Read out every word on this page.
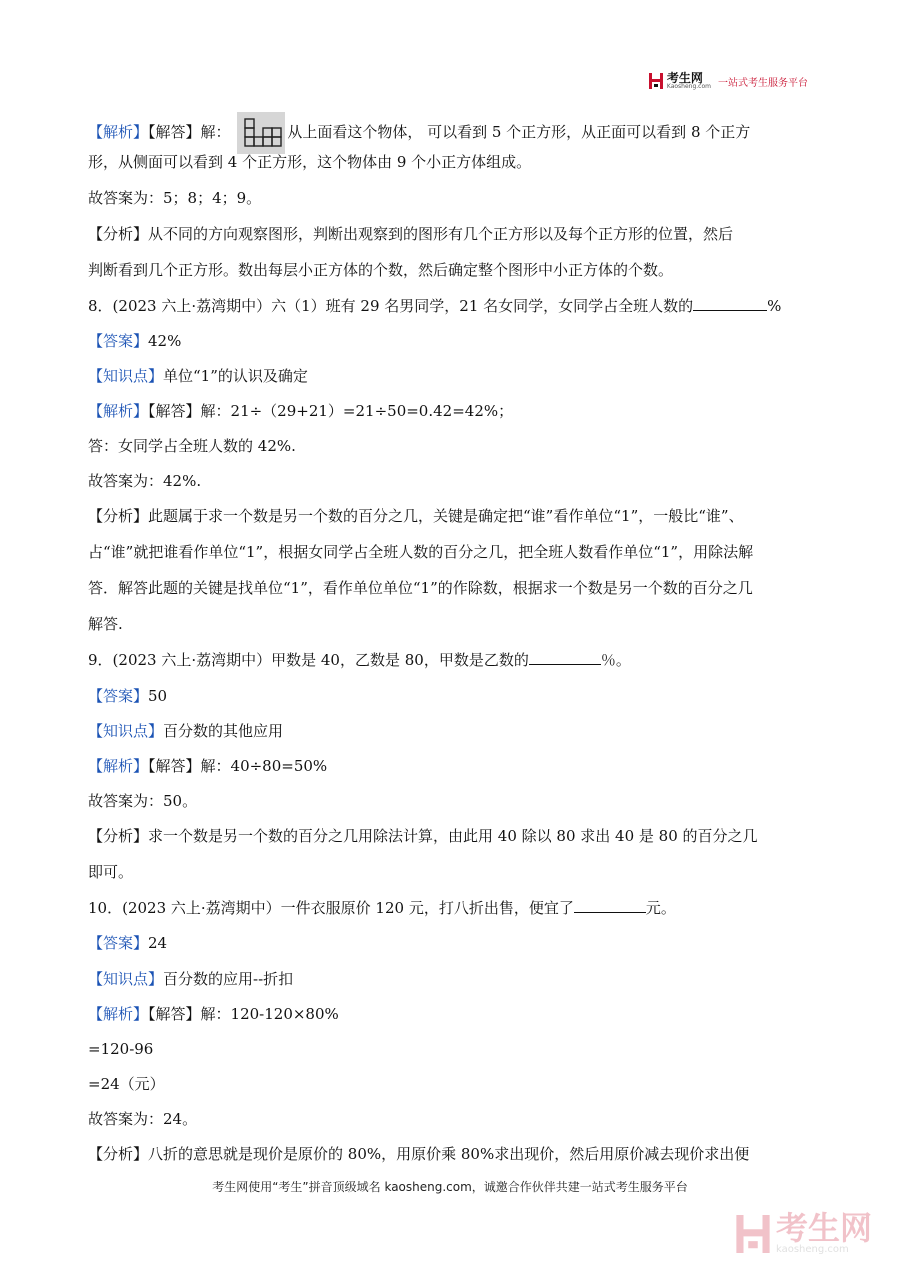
考生网
Kaosheng.com 一站式考生服务平台
【解析】【解答】解：	从上面看这个物体， 可以看到 5 个正方形，从正面可以看到 8 个正方
形，从侧面可以看到 4 个正方形，这个物体由 9 个小正方体组成。
故答案为：5；8；4；9。
【分析】从不同的方向观察图形，判断出观察到的图形有几个正方形以及每个正方形的位置，然后
判断看到几个正方形。数出每层小正方体的个数，然后确定整个图形中小正方体的个数。
8．(2023 六上·荔湾期中）六（1）班有 29 名男同学，21 名女同学，女同学占全班人数的	%
【答案】42%
【知识点】单位“1”的认识及确定
【解析】【解答】解：21÷（29+21）=21÷50=0.42=42%；
答：女同学占全班人数的 42%.
故答案为：42%.
【分析】此题属于求一个数是另一个数的百分之几，关键是确定把“谁”看作单位“1”，一般比“谁”、
占“谁”就把谁看作单位“1”，根据女同学占全班人数的百分之几，把全班人数看作单位“1”，用除法解
答．解答此题的关键是找单位“1”，看作单位单位“1”的作除数，根据求一个数是另一个数的百分之几
解答.
9．(2023 六上·荔湾期中）甲数是 40，乙数是 80，甲数是乙数的	％。
【答案】50
【知识点】百分数的其他应用
【解析】【解答】解：40÷80=50%
故答案为：50。
【分析】求一个数是另一个数的百分之几用除法计算，由此用 40 除以 80 求出 40 是 80 的百分之几
即可。
10．(2023 六上·荔湾期中）一件衣服原价 120 元，打八折出售，便宜了	元。
【答案】24
【知识点】百分数的应用--折扣
【解析】【解答】解：120-120×80%
=120-96
=24（元）
故答案为：24。
【分析】八折的意思就是现价是原价的 80%，用原价乘 80%求出现价，然后用原价减去现价求出便
考生网使用“考生”拼音顶级域名 kaosheng.com，诚邀合作伙伴共建一站式考生服务平台
考生网
kaosheng.com
